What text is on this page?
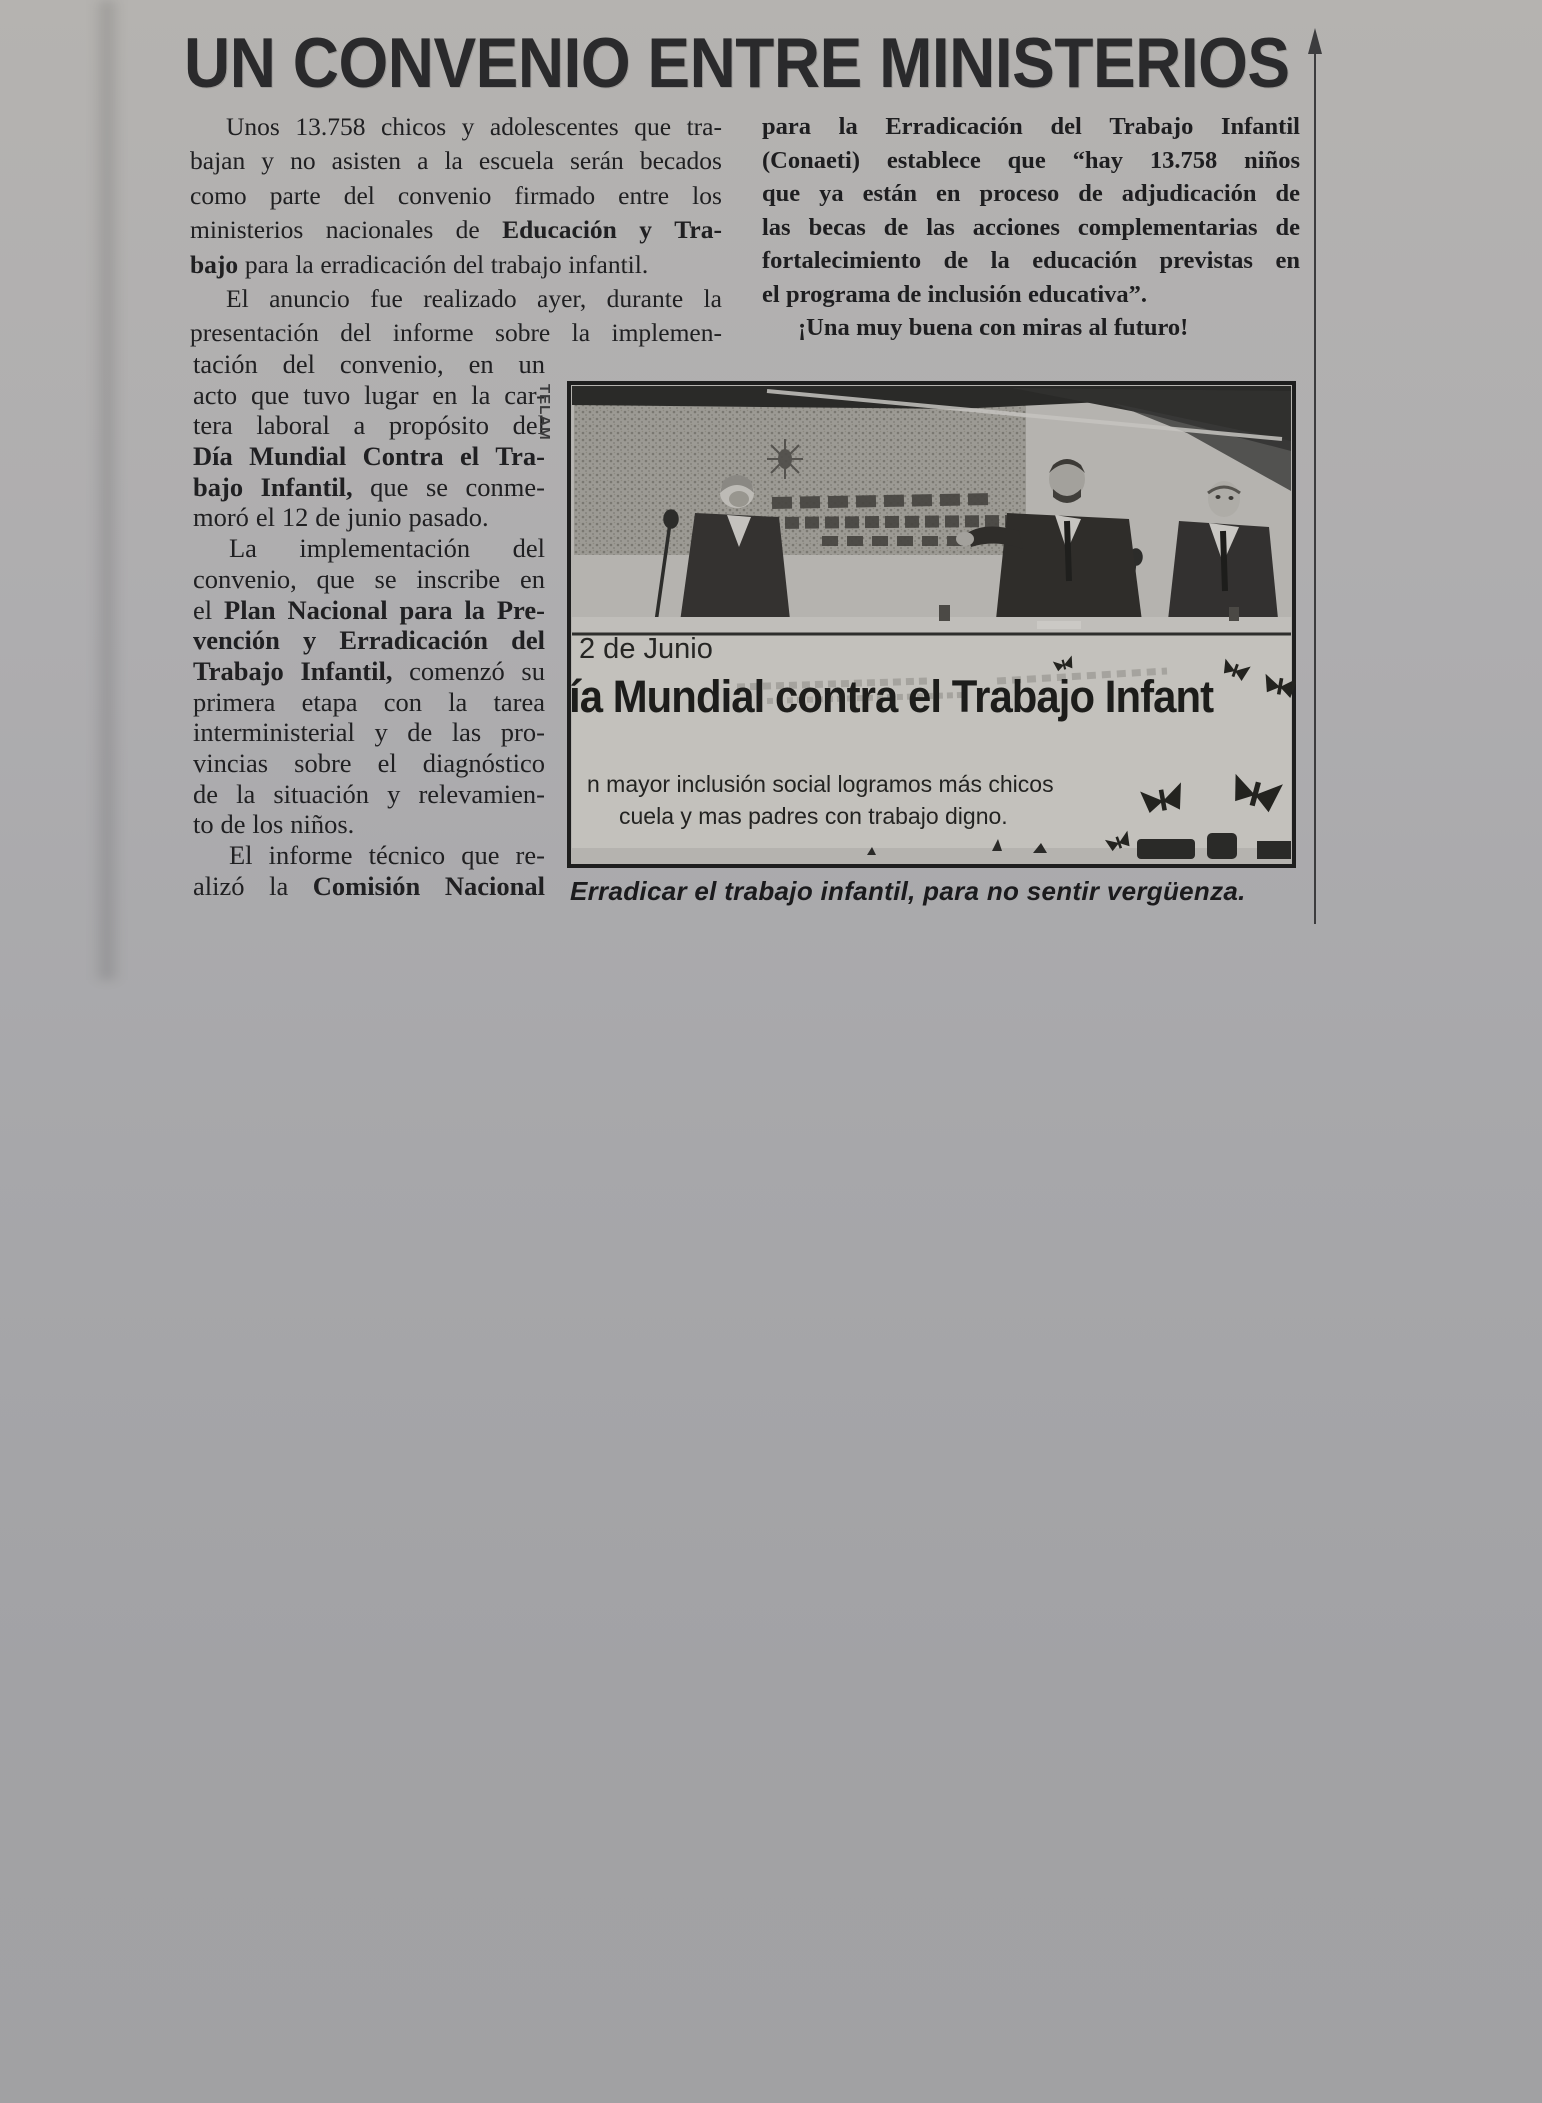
UN CONVENIO ENTRE MINISTERIOS
Unos 13.758 chicos y adolescentes que tra-
bajan y no asisten a la escuela serán becados
como parte del convenio firmado entre los
ministerios nacionales de Educación y Tra-
bajo para la erradicación del trabajo infantil.
El anuncio fue realizado ayer, durante la
presentación del informe sobre la implemen-
para la Erradicación del Trabajo Infantil
(Conaeti) establece que “hay 13.758 niños
que ya están en proceso de adjudicación de
las becas de las acciones complementarias de
fortalecimiento de la educación previstas en
el programa de inclusión educativa”.
¡Una muy buena con miras al futuro!
tación del convenio, en un
acto que tuvo lugar en la car-
tera laboral a propósito del
Día Mundial Contra el Tra-
bajo Infantil, que se conme-
moró el 12 de junio pasado.
La implementación del
convenio, que se inscribe en
el Plan Nacional para la Pre-
vención y Erradicación del
Trabajo Infantil, comenzó su
primera etapa con la tarea
interministerial y de las pro-
vincias sobre el diagnóstico
de la situación y relevamien-
to de los niños.
El informe técnico que re-
alizó la Comisión Nacional
TELAM
2 de Junio
ía Mundial contra el Trabajo Infant
n mayor inclusión social logramos más chicos
cuela y mas padres con trabajo digno.
Erradicar el trabajo infantil, para no sentir vergüenza.
